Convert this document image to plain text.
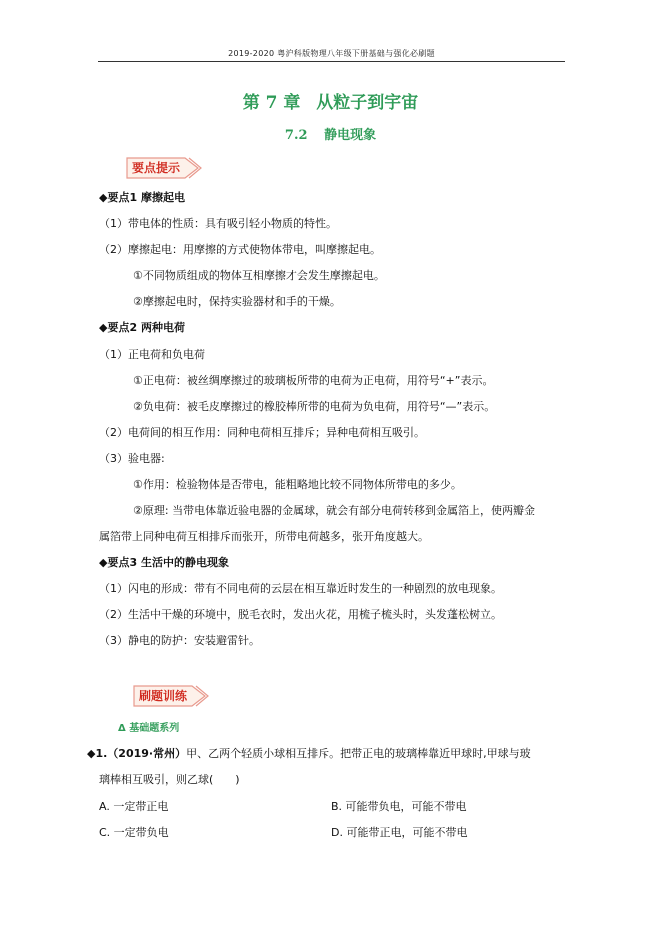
2019-2020 粤沪科版物理八年级下册基础与强化必刷题
第 7 章 从粒子到宇宙
7.2 静电现象
要点提示
◆要点1 摩擦起电
（1）带电体的性质：具有吸引轻小物质的特性。
（2）摩擦起电：用摩擦的方式使物体带电，叫摩擦起电。
①不同物质组成的物体互相摩擦才会发生摩擦起电。
②摩擦起电时，保持实验器材和手的干燥。
◆要点2 两种电荷
（1）正电荷和负电荷
①正电荷：被丝绸摩擦过的玻璃板所带的电荷为正电荷，用符号“+”表示。
②负电荷：被毛皮摩擦过的橡胶棒所带的电荷为负电荷，用符号“—”表示。
（2）电荷间的相互作用：同种电荷相互排斥；异种电荷相互吸引。
（3）验电器:
①作用：检验物体是否带电，能粗略地比较不同物体所带电的多少。
②原理: 当带电体靠近验电器的金属球，就会有部分电荷转移到金属箔上，使两瓣金
属箔带上同种电荷互相排斥而张开，所带电荷越多，张开角度越大。
◆要点3 生活中的静电现象
（1）闪电的形成：带有不同电荷的云层在相互靠近时发生的一种剧烈的放电现象。
（2）生活中干燥的环境中，脱毛衣时，发出火花，用梳子梳头时，头发蓬松树立。
（3）静电的防护：安装避雷针。
刷题训练
Δ 基础题系列
◆1.（2019·常州）甲、乙两个轻质小球相互排斥。把带正电的玻璃棒靠近甲球时,甲球与玻
璃棒相互吸引，则乙球(　　)
A. 一定带正电	B. 可能带负电，可能不带电
C. 一定带负电	D. 可能带正电，可能不带电
